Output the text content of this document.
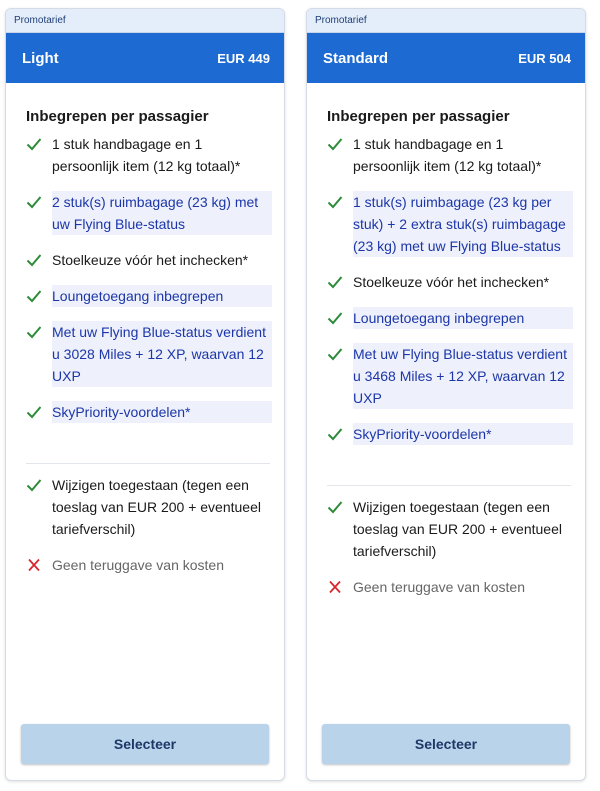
Promotarief
Light	EUR 449
Inbegrepen per passagier
1 stuk handbagage en 1 persoonlijk item (12 kg totaal)*
2 stuk(s) ruimbagage (23 kg) met uw Flying Blue-status
Stoelkeuze vóór het inchecken*
Loungetoegang inbegrepen
Met uw Flying Blue-status verdient u 3028 Miles + 12 XP, waarvan 12 UXP
SkyPriority-voordelen*
Wijzigen toegestaan (tegen een toeslag van EUR 200 + eventueel tariefverschil)
Geen teruggave van kosten
Selecteer
Promotarief
Standard	EUR 504
Inbegrepen per passagier
1 stuk handbagage en 1 persoonlijk item (12 kg totaal)*
1 stuk(s) ruimbagage (23 kg per stuk) + 2 extra stuk(s) ruimbagage (23 kg) met uw Flying Blue-status
Stoelkeuze vóór het inchecken*
Loungetoegang inbegrepen
Met uw Flying Blue-status verdient u 3468 Miles + 12 XP, waarvan 12 UXP
SkyPriority-voordelen*
Wijzigen toegestaan (tegen een toeslag van EUR 200 + eventueel tariefverschil)
Geen teruggave van kosten
Selecteer
